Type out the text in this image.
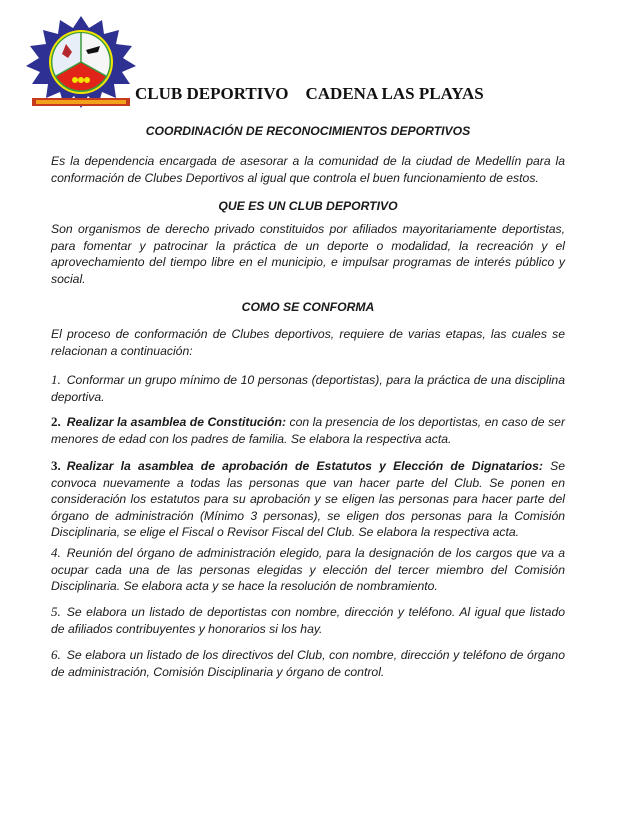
CLUB DEPORTIVO    CADENA LAS PLAYAS

COORDINACIÓN DE RECONOCIMIENTOS DEPORTIVOS

Es la dependencia encargada de asesorar a la comunidad de la ciudad de Medellín para la conformación de Clubes Deportivos al igual que controla el buen funcionamiento de estos.

QUE ES UN CLUB DEPORTIVO

Son organismos de derecho privado constituidos por afiliados mayoritariamente deportistas, para fomentar y patrocinar la práctica de un deporte o modalidad, la recreación y el aprovechamiento del tiempo libre en el municipio, e impulsar programas de interés público y social.

COMO SE CONFORMA

El proceso de conformación de Clubes deportivos, requiere de varias etapas, las cuales se relacionan a continuación:

1. Conformar un grupo mínimo de 10 personas (deportistas), para la práctica de una disciplina deportiva.

2. Realizar la asamblea de Constitución: con la presencia de los deportistas, en caso de ser menores de edad con los padres de familia. Se elabora la respectiva acta.

3. Realizar la asamblea de aprobación de Estatutos y Elección de Dignatarios: Se convoca nuevamente a todas las personas que van hacer parte del Club. Se ponen en consideración los estatutos para su aprobación y se eligen las personas para hacer parte del órgano de administración (Mínimo 3 personas), se eligen dos personas para la Comisión Disciplinaria, se elige el Fiscal o Revisor Fiscal del Club. Se elabora la respectiva acta.

4. Reunión del órgano de administración elegido, para la designación de los cargos que va a ocupar cada una de las personas elegidas y elección del tercer miembro del Comisión Disciplinaria. Se elabora acta y se hace la resolución de nombramiento.

5. Se elabora un listado de deportistas con nombre, dirección y teléfono. Al igual que listado de afiliados contribuyentes y honorarios si los hay.

6. Se elabora un listado de los directivos del Club, con nombre, dirección y teléfono de órgano de administración, Comisión Disciplinaria y órgano de control.
